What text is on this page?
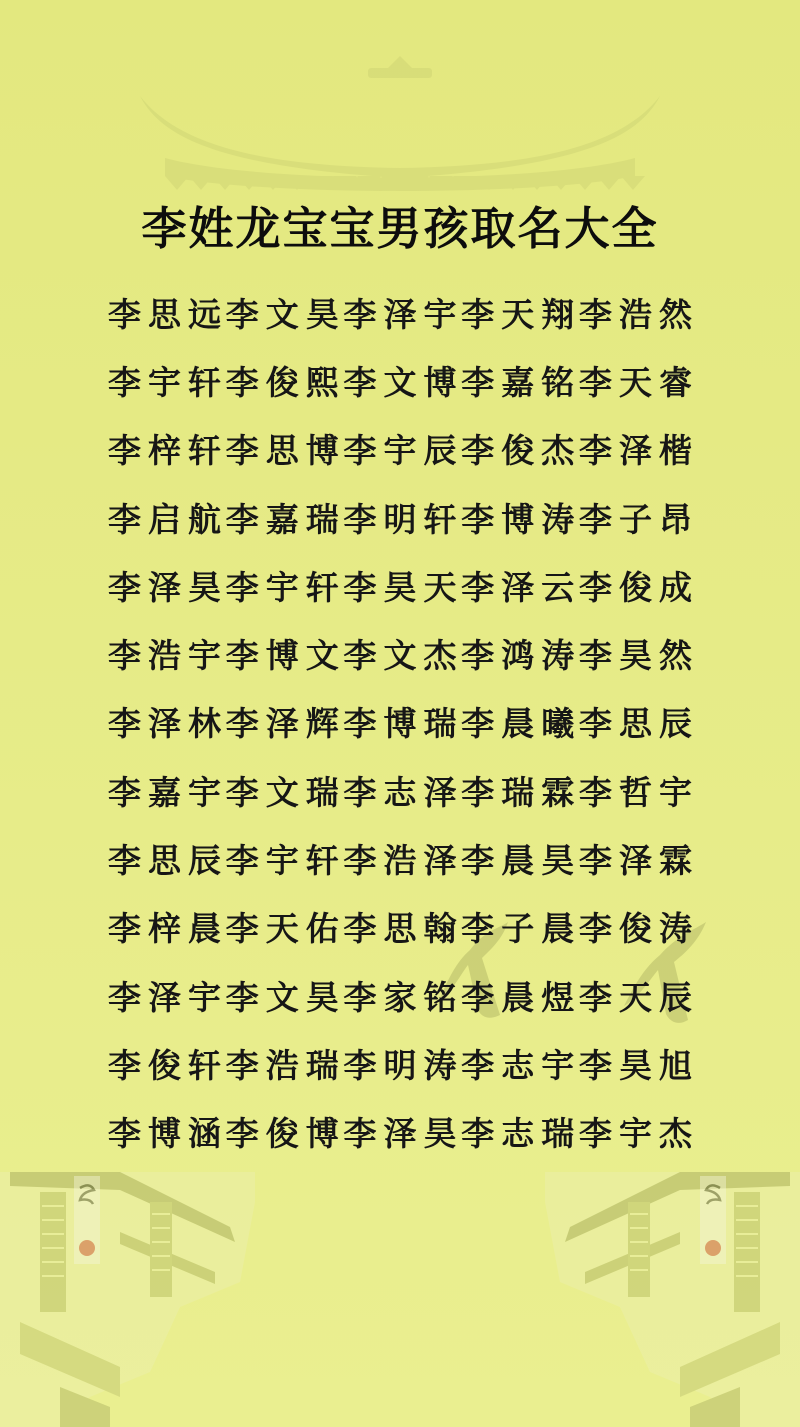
李姓龙宝宝男孩取名大全
李思远
李文昊
李泽宇
李天翔
李浩然
李宇轩
李俊熙
李文博
李嘉铭
李天睿
李梓轩
李思博
李宇辰
李俊杰
李泽楷
李启航
李嘉瑞
李明轩
李博涛
李子昂
李泽昊
李宇轩
李昊天
李泽云
李俊成
李浩宇
李博文
李文杰
李鸿涛
李昊然
李泽林
李泽辉
李博瑞
李晨曦
李思辰
李嘉宇
李文瑞
李志泽
李瑞霖
李哲宇
李思辰
李宇轩
李浩泽
李晨昊
李泽霖
李梓晨
李天佑
李思翰
李子晨
李俊涛
李泽宇
李文昊
李家铭
李晨煜
李天辰
李俊轩
李浩瑞
李明涛
李志宇
李昊旭
李博涵
李俊博
李泽昊
李志瑞
李宇杰
